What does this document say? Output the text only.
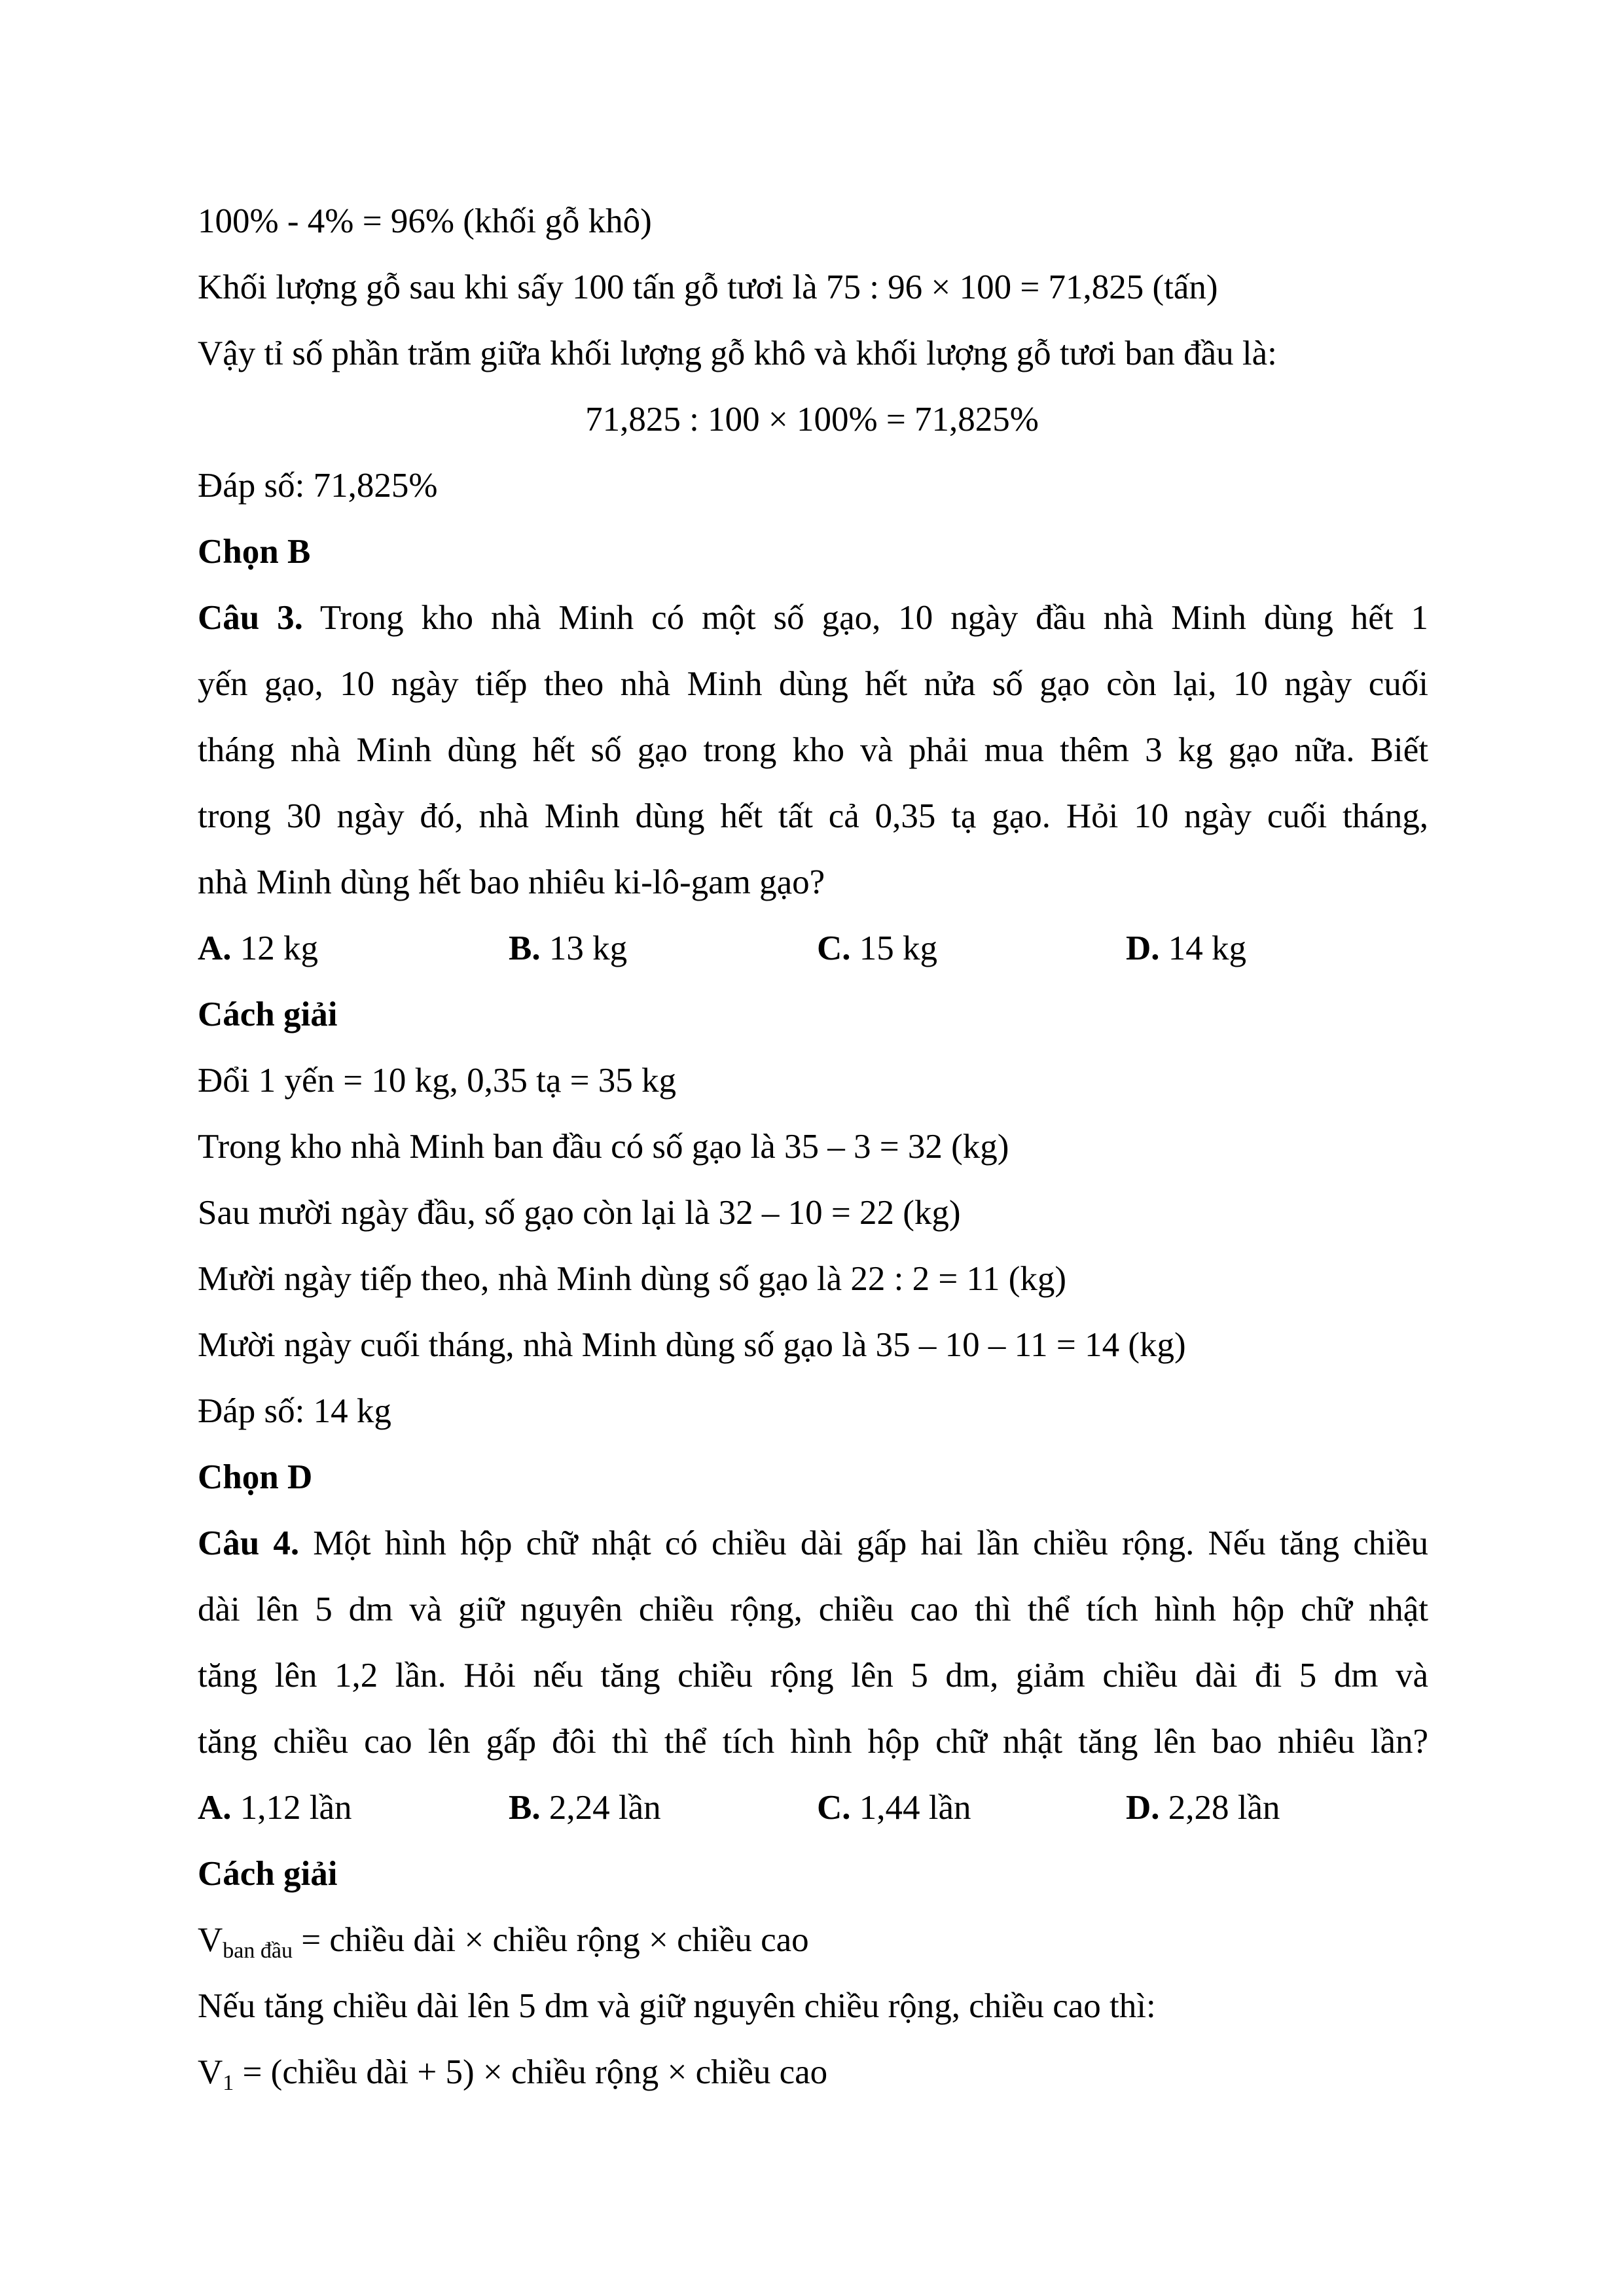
100% - 4% = 96% (khối gỗ khô)
Khối lượng gỗ sau khi sấy 100 tấn gỗ tươi là 75 : 96 × 100 = 71,825 (tấn)
Vậy tỉ số phần trăm giữa khối lượng gỗ khô và khối lượng gỗ tươi ban đầu là:
71,825 : 100 × 100% = 71,825%
Đáp số: 71,825%
Chọn B
Câu 3. Trong kho nhà Minh có một số gạo, 10 ngày đầu nhà Minh dùng hết 1
yến gạo, 10 ngày tiếp theo nhà Minh dùng hết nửa số gạo còn lại, 10 ngày cuối
tháng nhà Minh dùng hết số gạo trong kho và phải mua thêm 3 kg gạo nữa. Biết
trong 30 ngày đó, nhà Minh dùng hết tất cả 0,35 tạ gạo. Hỏi 10 ngày cuối tháng,
nhà Minh dùng hết bao nhiêu ki-lô-gam gạo?
A. 12 kg	B. 13 kg	C. 15 kg	D. 14 kg
Cách giải
Đổi 1 yến = 10 kg, 0,35 tạ = 35 kg
Trong kho nhà Minh ban đầu có số gạo là 35 – 3 = 32 (kg)
Sau mười ngày đầu, số gạo còn lại là 32 – 10 = 22 (kg)
Mười ngày tiếp theo, nhà Minh dùng số gạo là 22 : 2 = 11 (kg)
Mười ngày cuối tháng, nhà Minh dùng số gạo là 35 – 10 – 11 = 14 (kg)
Đáp số: 14 kg
Chọn D
Câu 4. Một hình hộp chữ nhật có chiều dài gấp hai lần chiều rộng. Nếu tăng chiều
dài lên 5 dm và giữ nguyên chiều rộng, chiều cao thì thể tích hình hộp chữ nhật
tăng lên 1,2 lần. Hỏi nếu tăng chiều rộng lên 5 dm, giảm chiều dài đi 5 dm và
tăng chiều cao lên gấp đôi thì thể tích hình hộp chữ nhật tăng lên bao nhiêu lần?
A. 1,12 lần	B. 2,24 lần	C. 1,44 lần	D. 2,28 lần
Cách giải
Vban đầu = chiều dài × chiều rộng × chiều cao
Nếu tăng chiều dài lên 5 dm và giữ nguyên chiều rộng, chiều cao thì:
V1 = (chiều dài + 5) × chiều rộng × chiều cao
